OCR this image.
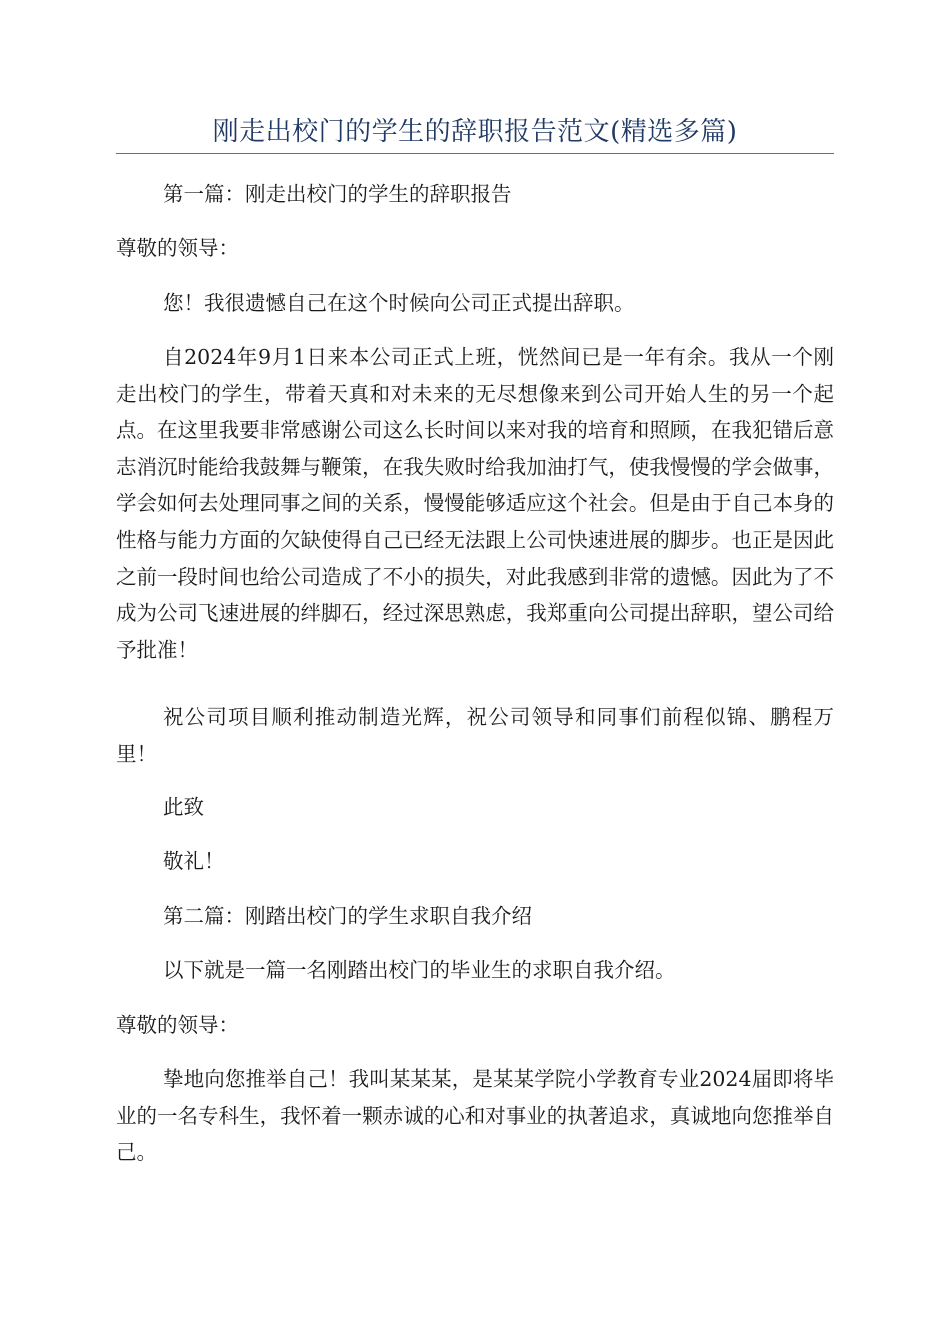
刚走出校门的学生的辞职报告范文(精选多篇)

第一篇：刚走出校门的学生的辞职报告

尊敬的领导：

您！我很遗憾自己在这个时候向公司正式提出辞职。

自2024年9月1日来本公司正式上班，恍然间已是一年有余。我从一个刚走出校门的学生，带着天真和对未来的无尽想像来到公司开始人生的另一个起点。在这里我要非常感谢公司这么长时间以来对我的培育和照顾，在我犯错后意志消沉时能给我鼓舞与鞭策，在我失败时给我加油打气，使我慢慢的学会做事，学会如何去处理同事之间的关系，慢慢能够适应这个社会。但是由于自己本身的性格与能力方面的欠缺使得自己已经无法跟上公司快速进展的脚步。也正是因此之前一段时间也给公司造成了不小的损失，对此我感到非常的遗憾。因此为了不成为公司飞速进展的绊脚石，经过深思熟虑，我郑重向公司提出辞职，望公司给予批准！

祝公司项目顺利推动制造光辉，祝公司领导和同事们前程似锦、鹏程万里！

此致

敬礼！

第二篇：刚踏出校门的学生求职自我介绍

以下就是一篇一名刚踏出校门的毕业生的求职自我介绍。

尊敬的领导：

挚地向您推举自己！我叫某某某，是某某学院小学教育专业2024届即将毕业的一名专科生，我怀着一颗赤诚的心和对事业的执著追求，真诚地向您推举自己。
